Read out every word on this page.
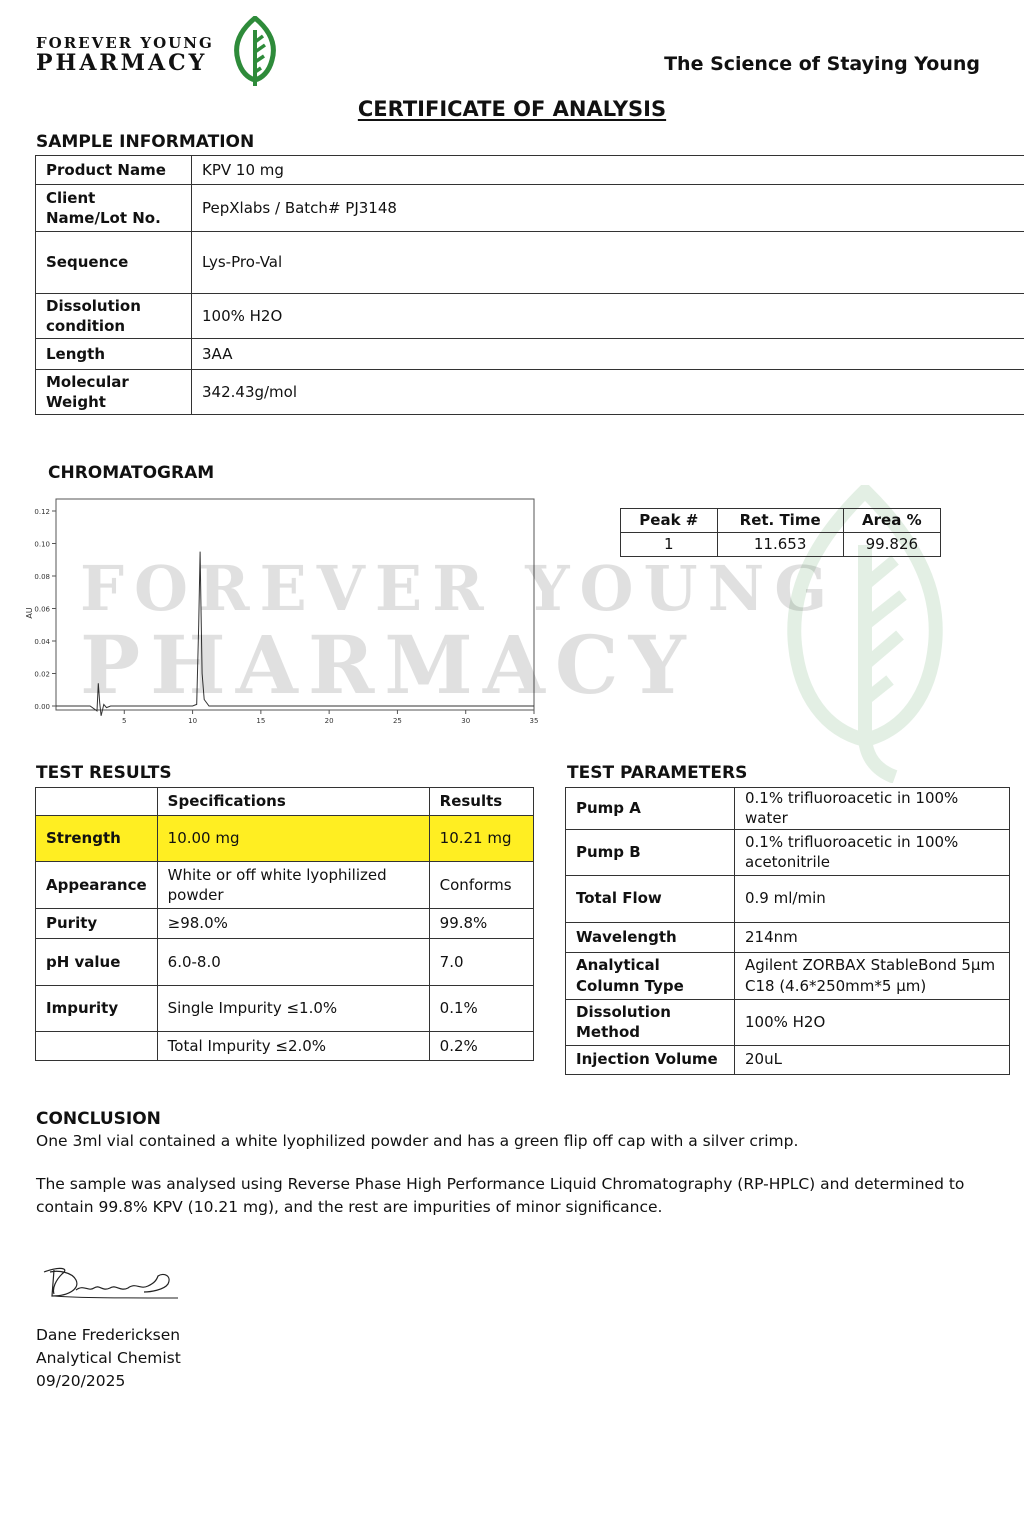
FOREVER YOUNG
PHARMACY	The Science of Staying Young
CERTIFICATE OF ANALYSIS
SAMPLE INFORMATION
Product Name	KPV 10 mg
Client Name/Lot No.	PepXlabs / Batch# PJ3148
Sequence	Lys-Pro-Val
Dissolution condition	100% H2O
Length	3AA
Molecular Weight	342.43g/mol
CHROMATOGRAM
AU
0.12
0.10
0.08
0.06
0.04
0.02
0.00
5	10	15	20	25	30	35
FOREVER YOUNG
PHARMACY
Peak #	Ret. Time	Area %
1	11.653	99.826
TEST RESULTS
	Specifications	Results
Strength	10.00 mg	10.21 mg
Appearance	White or off white lyophilized powder	Conforms
Purity	≥98.0%	99.8%
pH value	6.0-8.0	7.0
Impurity	Single Impurity ≤1.0%	0.1%
	Total Impurity ≤2.0%	0.2%
TEST PARAMETERS
Pump A	0.1% trifluoroacetic in 100% water
Pump B	0.1% trifluoroacetic in 100% acetonitrile
Total Flow	0.9 ml/min
Wavelength	214nm
Analytical Column Type	Agilent ZORBAX StableBond 5μm C18 (4.6*250mm*5 μm)
Dissolution Method	100% H2O
Injection Volume	20uL
CONCLUSION

One 3ml vial contained a white lyophilized powder and has a green flip off cap with a silver crimp.

The sample was analysed using Reverse Phase High Performance Liquid Chromatography (RP-HPLC) and determined to contain 99.8% KPV (10.21 mg), and the rest are impurities of minor significance.

Dane Fredericksen
Analytical Chemist
09/20/2025
